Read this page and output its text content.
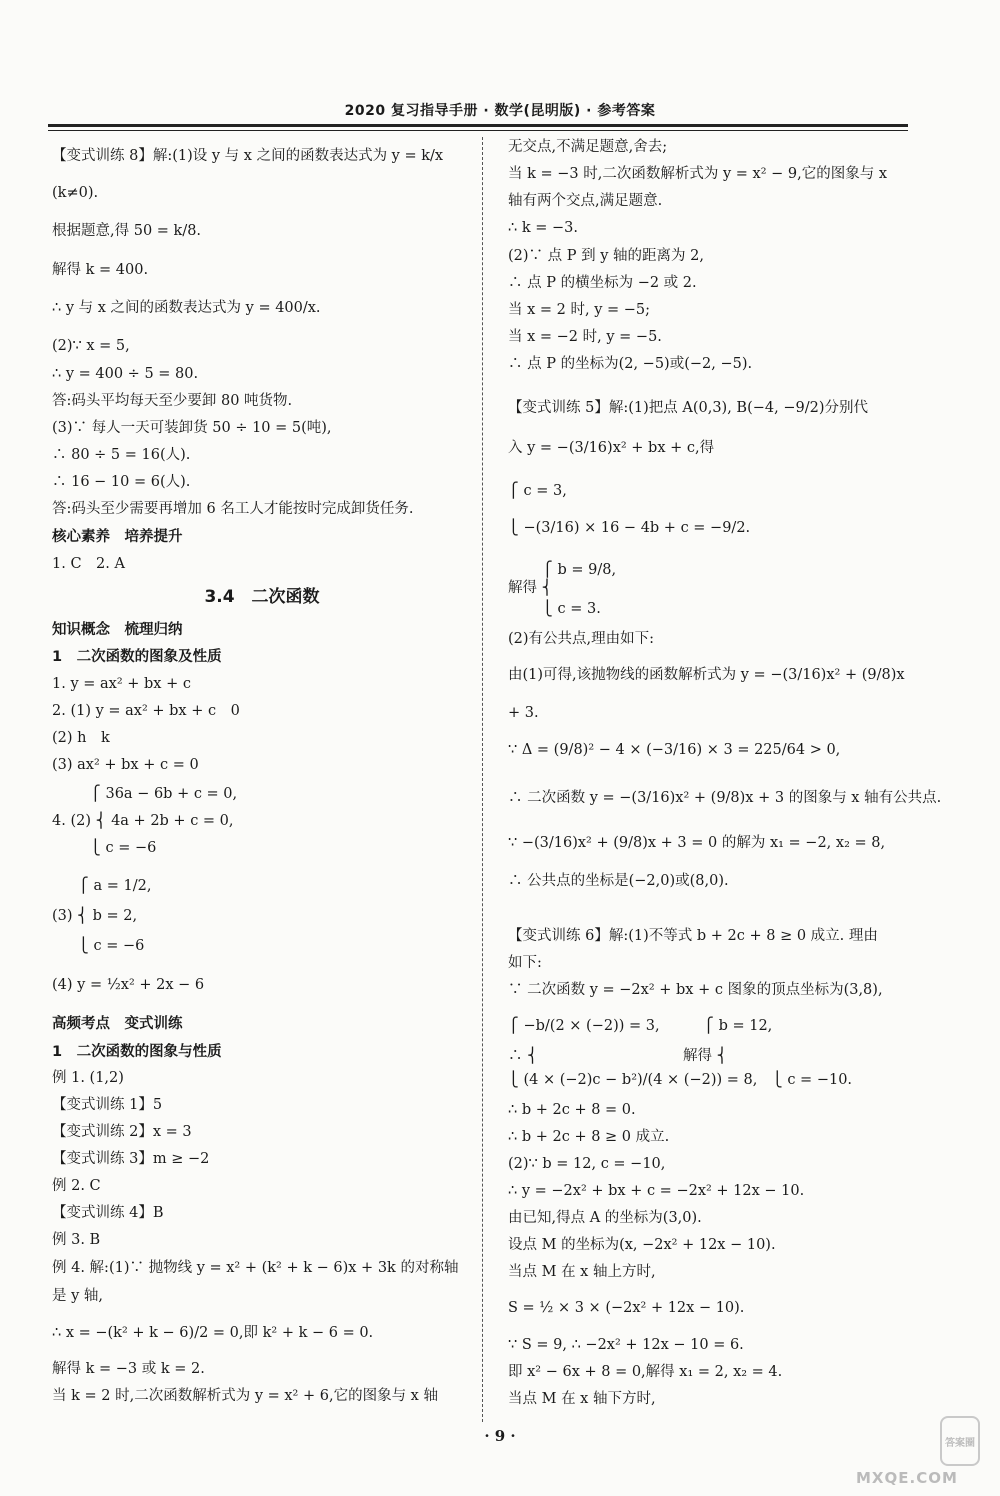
2020 复习指导手册 · 数学(昆明版) · 参考答案
【变式训练 8】解:(1)设 y 与 x 之间的函数表达式为 y = k/x
(k≠0).
根据题意,得 50 = k/8.
解得 k = 400.
∴ y 与 x 之间的函数表达式为 y = 400/x.
(2)∵ x = 5,
∴ y = 400 ÷ 5 = 80.
答:码头平均每天至少要卸 80 吨货物.
(3)∵ 每人一天可装卸货 50 ÷ 10 = 5(吨),
∴ 80 ÷ 5 = 16(人).
∴ 16 − 10 = 6(人).
答:码头至少需要再增加 6 名工人才能按时完成卸货任务.
核心素养　培养提升
1. C　2. A
3.4　二次函数
知识概念　梳理归纳
1　二次函数的图象及性质
1. y = ax² + bx + c
2. (1) y = ax² + bx + c　0
(2) h　k
(3) ax² + bx + c = 0
⎧ 36a − 6b + c = 0,
4. (2) ⎨ 4a + 2b + c = 0,
⎩ c = −6
⎧ a = 1/2,
(3) ⎨ b = 2,
⎩ c = −6
(4) y = ½x² + 2x − 6
高频考点　变式训练
1　二次函数的图象与性质
例 1. (1,2)
【变式训练 1】5
【变式训练 2】x = 3
【变式训练 3】m ≥ −2
例 2. C
【变式训练 4】B
例 3. B
例 4. 解:(1)∵ 抛物线 y = x² + (k² + k − 6)x + 3k 的对称轴
是 y 轴,
∴ x = −(k² + k − 6)/2 = 0,即 k² + k − 6 = 0.
解得 k = −3 或 k = 2.
当 k = 2 时,二次函数解析式为 y = x² + 6,它的图象与 x 轴
无交点,不满足题意,舍去;
当 k = −3 时,二次函数解析式为 y = x² − 9,它的图象与 x
轴有两个交点,满足题意.
∴ k = −3.
(2)∵ 点 P 到 y 轴的距离为 2,
∴ 点 P 的横坐标为 −2 或 2.
当 x = 2 时, y = −5;
当 x = −2 时, y = −5.
∴ 点 P 的坐标为(2, −5)或(−2, −5).
【变式训练 5】解:(1)把点 A(0,3), B(−4, −9/2)分别代
入 y = −(3/16)x² + bx + c,得
⎧ c = 3,
⎩ −(3/16) × 16 − 4b + c = −9/2.
⎧ b = 9/8,
解得 ⎨
⎩ c = 3.
(2)有公共点,理由如下:
由(1)可得,该抛物线的函数解析式为 y = −(3/16)x² + (9/8)x
+ 3.
∵ Δ = (9/8)² − 4 × (−3/16) × 3 = 225/64 > 0,
∴ 二次函数 y = −(3/16)x² + (9/8)x + 3 的图象与 x 轴有公共点.
∵ −(3/16)x² + (9/8)x + 3 = 0 的解为 x₁ = −2, x₂ = 8,
∴ 公共点的坐标是(−2,0)或(8,0).
【变式训练 6】解:(1)不等式 b + 2c + 8 ≥ 0 成立. 理由
如下:
∵ 二次函数 y = −2x² + bx + c 图象的顶点坐标为(3,8),
⎧ −b/(2 × (−2)) = 3,　　　⎧ b = 12,
∴ ⎨　　　　　　　　　　解得 ⎨
⎩ (4 × (−2)c − b²)/(4 × (−2)) = 8,　⎩ c = −10.
∴ b + 2c + 8 = 0.
∴ b + 2c + 8 ≥ 0 成立.
(2)∵ b = 12, c = −10,
∴ y = −2x² + bx + c = −2x² + 12x − 10.
由已知,得点 A 的坐标为(3,0).
设点 M 的坐标为(x, −2x² + 12x − 10).
当点 M 在 x 轴上方时,
S = ½ × 3 × (−2x² + 12x − 10).
∵ S = 9, ∴ −2x² + 12x − 10 = 6.
即 x² − 6x + 8 = 0,解得 x₁ = 2, x₂ = 4.
当点 M 在 x 轴下方时,
· 9 ·	答案圈
MXQE.COM
